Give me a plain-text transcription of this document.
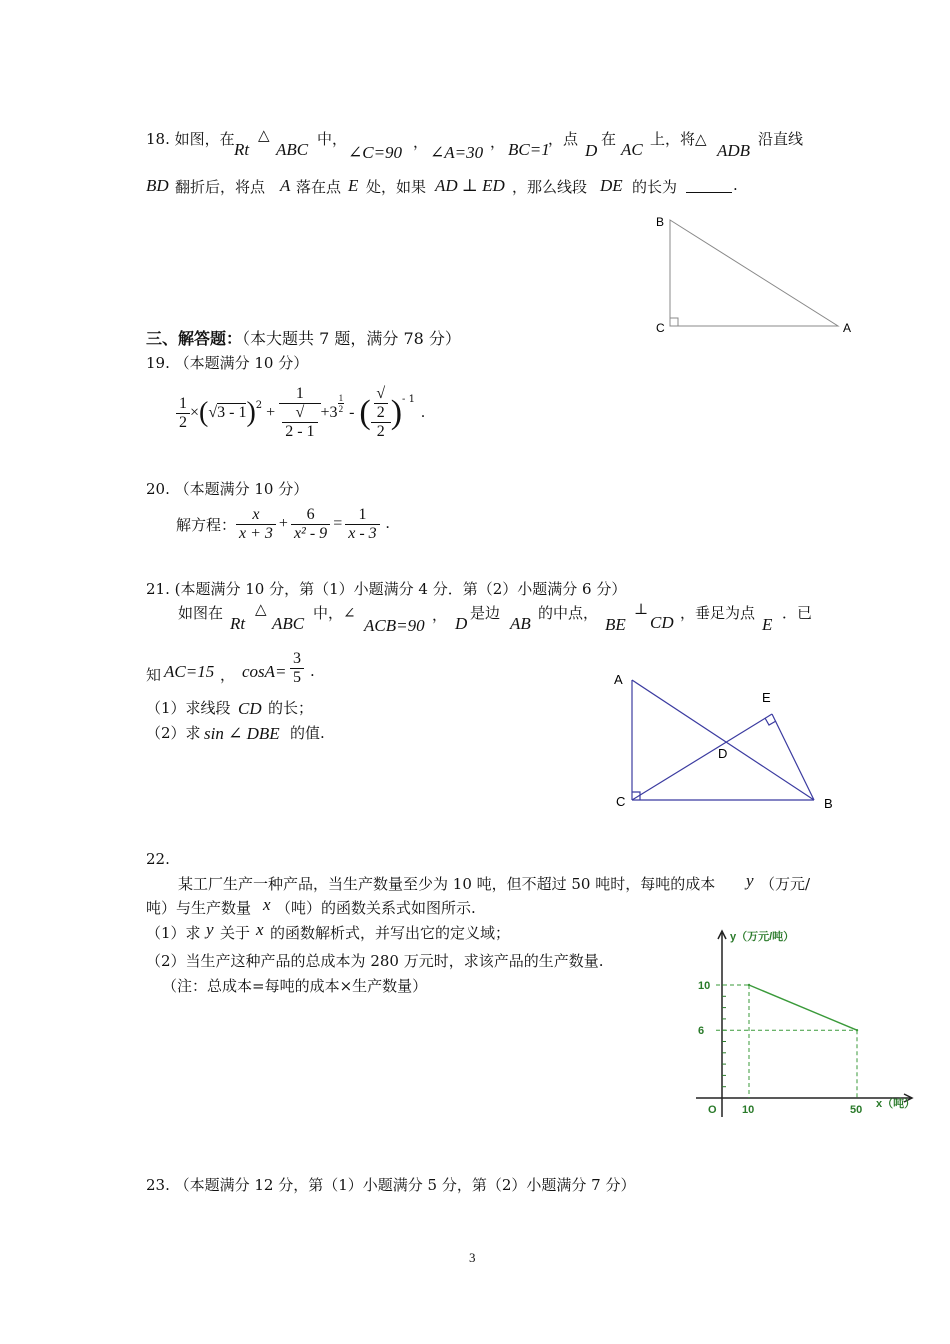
18. 如图，在
Rt
△
ABC
中，
∠C=90
，
∠A=30
， BC=1
，点
D
在
AC
上，将△
ADB
沿直线
BD 翻折后，将点 A 落在点 E 处，如果 AD ⊥ ED ，那么线段 DE 的长为	.
B
C	A
三、解答题：（本大题共 7 题，满分 78 分）
19. （本题满分 10 分）
$\frac{1}{2}$ × ( √3 - 1 )$^2$ + 1
√
$2 - 1 +3 \frac{1}{2}$ - ( √
2
2 )$^{- 1}$
.
20. （本题满分 10 分）
解方程： $\frac{x}{x + 3} + \frac{6}{\text{x² - 9}} = \frac{1}{x - 3}$ .
21. (本题满分 10 分，第（1）小题满分 4 分．第（2）小题满分 6 分）
如图在
Rt
△
ABC
中，∠
ACB=90
， D
是边
AB
的中点，
BE
⊥
CD ，垂足为点
E
．已
知 AC=15 ， $\cos A= \frac{3}{5}$ .
（1）求线段 CD 的长；
（2）求 sin ∠ DBE 的值.
A
E
D
C	B
22.
某工厂生产一种产品，当生产数量至少为 10 吨，但不超过 50 吨时，每吨的成本 y （万元/
吨）与生产数量 x （吨）的函数关系式如图所示.
（1）求 y 关于 x 的函数解析式，并写出它的定义域；
（2）当生产这种产品的总成本为 280 万元时，求该产品的生产数量.
（注：总成本=每吨的成本×生产数量）
10
10
50
6
y（万元/吨）
x（吨）
O
23. （本题满分 12 分，第（1）小题满分 5 分，第（2）小题满分 7 分）
3
